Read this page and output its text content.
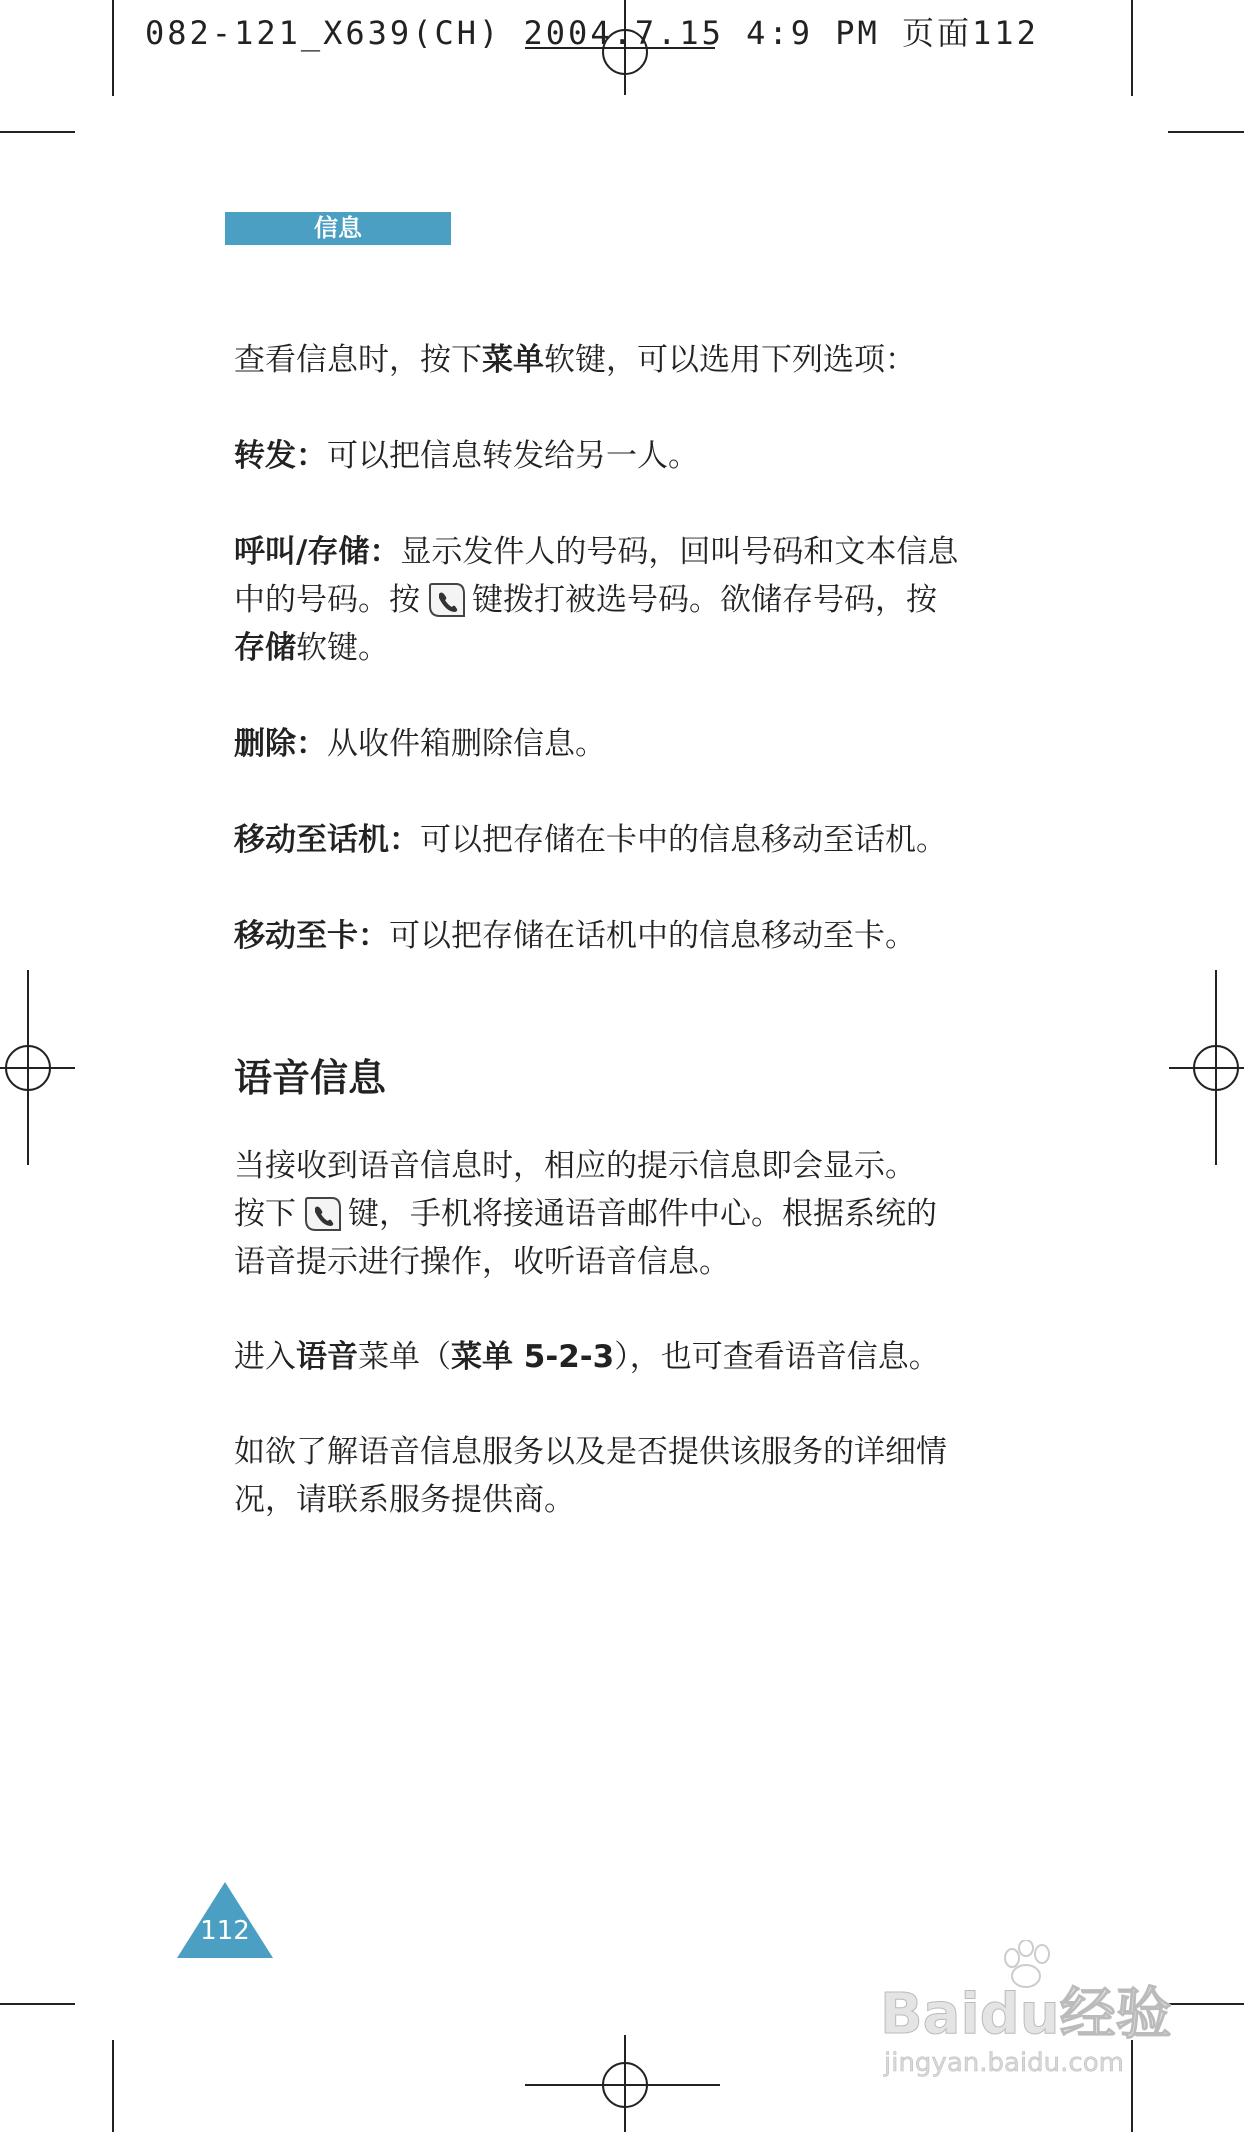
082-121_X639(CH) 2004.7.15 4:9 PM 页面112
信息

查看信息时，按下菜单软键，可以选用下列选项：

转发：可以把信息转发给另一人。

呼叫/存储：显示发件人的号码，回叫号码和文本信息
中的号码。按 键拨打被选号码。欲储存号码，按
存储软键。

删除：从收件箱删除信息。

移动至话机：可以把存储在卡中的信息移动至话机。

移动至卡：可以把存储在话机中的信息移动至卡。

语音信息

当接收到语音信息时，相应的提示信息即会显示。
按下 键，手机将接通语音邮件中心。根据系统的
语音提示进行操作，收听语音信息。

进入语音菜单（菜单 5-2-3），也可查看语音信息。

如欲了解语音信息服务以及是否提供该服务的详细情
况，请联系服务提供商。

112
Baidu经验
jingyan.baidu.com
